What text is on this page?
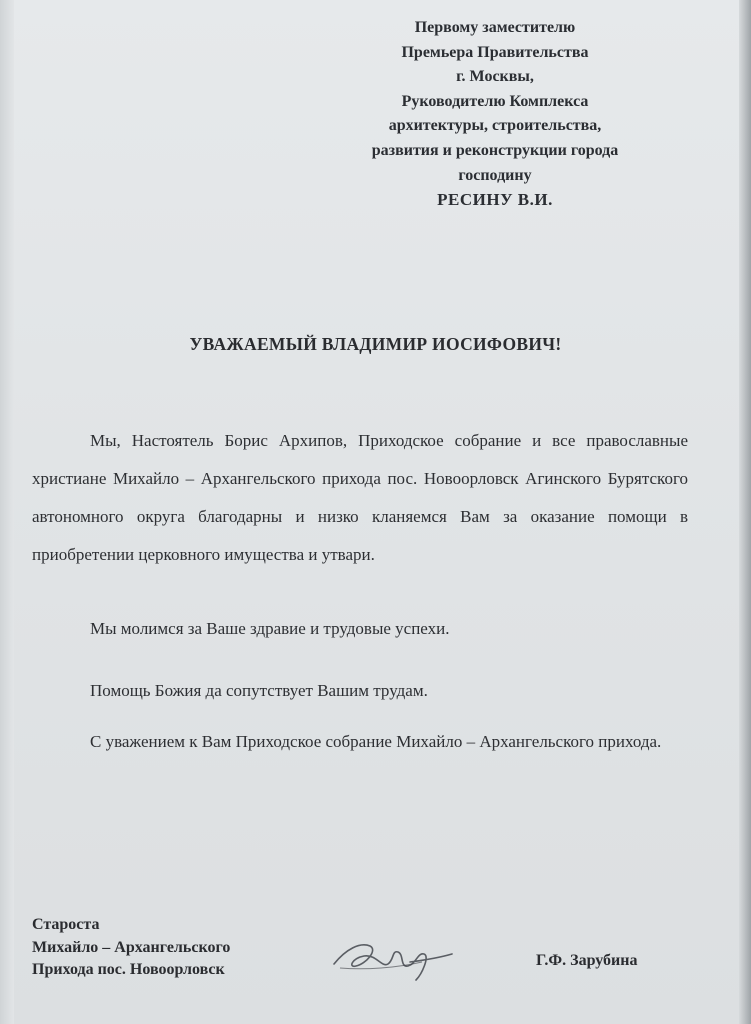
Первому заместителю
Премьера Правительства
г. Москвы,
Руководителю Комплекса
архитектуры, строительства,
развития и реконструкции города
господину
РЕСИНУ В.И.
УВАЖАЕМЫЙ ВЛАДИМИР ИОСИФОВИЧ!
Мы, Настоятель Борис Архипов, Приходское собрание и все православные христиане Михайло – Архангельского прихода пос. Новоорловск Агинского Бурятского автономного округа благодарны и низко кланяемся Вам за оказание помощи в приобретении церковного имущества и утвари.
Мы молимся за Ваше здравие и трудовые успехи.
Помощь Божия да сопутствует Вашим трудам.
С уважением к Вам Приходское собрание Михайло – Архангельского прихода.
Староста
Михайло – Архангельского
Прихода пос. Новоорловск
Г.Ф. Зарубина
